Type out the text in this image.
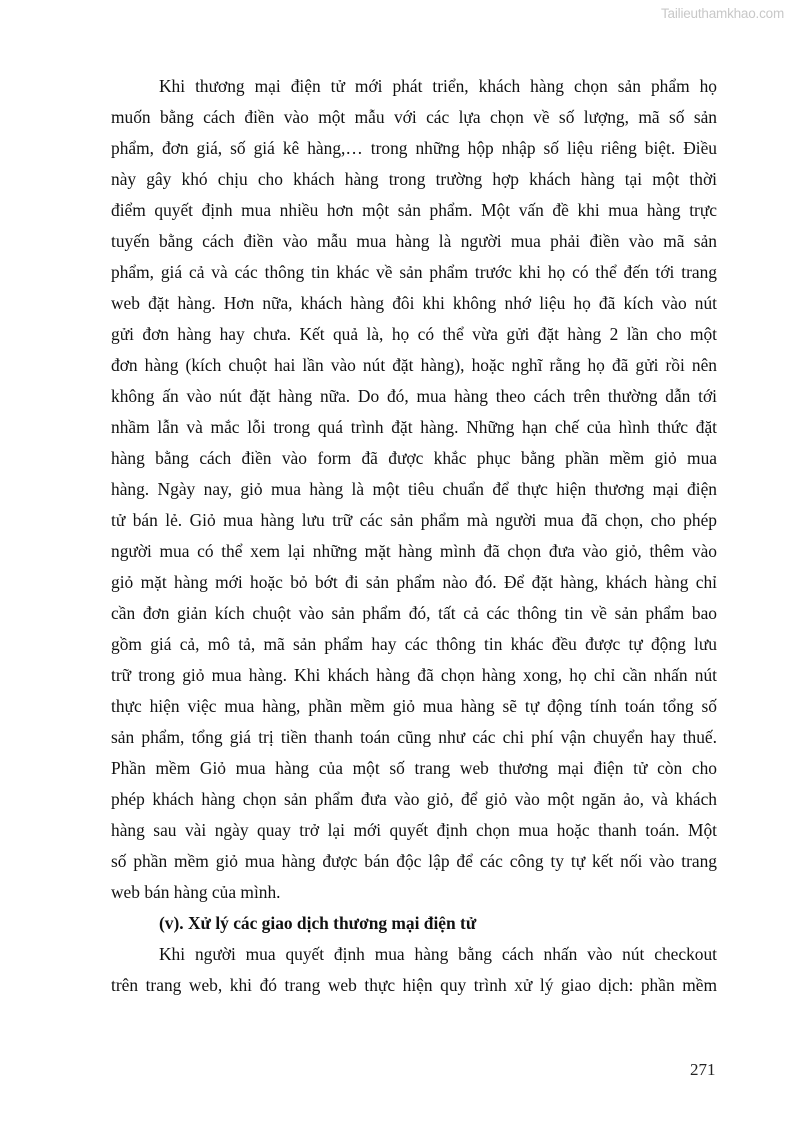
Tailieuthamkhao.com
Khi thương mại điện tử mới phát triển, khách hàng chọn sản phẩm họ
muốn bằng cách điền vào một mẫu với các lựa chọn về số lượng, mã số sản
phẩm, đơn giá, số giá kê hàng,… trong những hộp nhập số liệu riêng biệt. Điều
này gây khó chịu cho khách hàng trong trường hợp khách hàng tại một thời
điểm quyết định mua nhiều hơn một sản phẩm. Một vấn đề khi mua hàng trực
tuyến bằng cách điền vào mẫu mua hàng là người mua phải điền vào mã sản
phẩm, giá cả và các thông tin khác về sản phẩm trước khi họ có thể đến tới trang
web đặt hàng. Hơn nữa, khách hàng đôi khi không nhớ liệu họ đã kích vào nút
gửi đơn hàng hay chưa. Kết quả là, họ có thể vừa gửi đặt hàng 2 lần cho một
đơn hàng (kích chuột hai lần vào nút đặt hàng), hoặc nghĩ rằng họ đã gửi rồi nên
không ấn vào nút đặt hàng nữa. Do đó, mua hàng theo cách trên thường dẫn tới
nhầm lẫn và mắc lỗi trong quá trình đặt hàng. Những hạn chế của hình thức đặt
hàng bằng cách điền vào form đã được khắc phục bằng phần mềm giỏ mua
hàng. Ngày nay, giỏ mua hàng là một tiêu chuẩn để thực hiện thương mại điện
tử bán lẻ. Giỏ mua hàng lưu trữ các sản phẩm mà người mua đã chọn, cho phép
người mua có thể xem lại những mặt hàng mình đã chọn đưa vào giỏ, thêm vào
giỏ mặt hàng mới hoặc bỏ bớt đi sản phẩm nào đó. Để đặt hàng, khách hàng chỉ
cần đơn giản kích chuột vào sản phẩm đó, tất cả các thông tin về sản phẩm bao
gồm giá cả, mô tả, mã sản phẩm hay các thông tin khác đều được tự động lưu
trữ trong giỏ mua hàng. Khi khách hàng đã chọn hàng xong, họ chỉ cần nhấn nút
thực hiện việc mua hàng, phần mềm giỏ mua hàng sẽ tự động tính toán tổng số
sản phẩm, tổng giá trị tiền thanh toán cũng như các chi phí vận chuyển hay thuế.
Phần mềm Giỏ mua hàng của một số trang web thương mại điện tử còn cho
phép khách hàng chọn sản phẩm đưa vào giỏ, để giỏ vào một ngăn ảo, và khách
hàng sau vài ngày quay trở lại mới quyết định chọn mua hoặc thanh toán. Một
số phần mềm giỏ mua hàng được bán độc lập để các công ty tự kết nối vào trang
web bán hàng của mình.
(v). Xử lý các giao dịch thương mại điện tử
Khi người mua quyết định mua hàng bằng cách nhấn vào nút checkout
trên trang web, khi đó trang web thực hiện quy trình xử lý giao dịch: phần mềm
271
